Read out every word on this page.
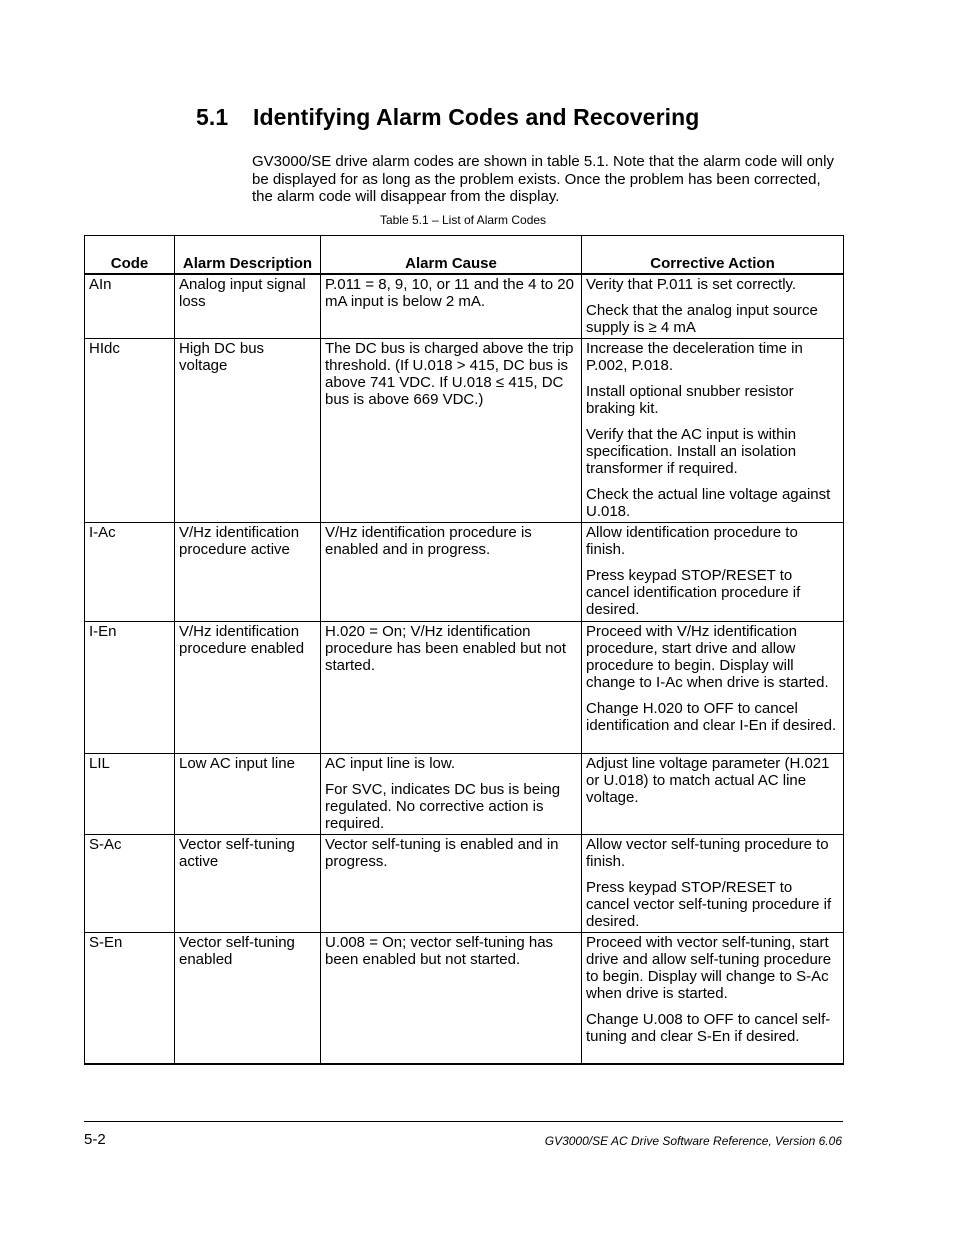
5.1 Identifying Alarm Codes and Recovering

GV3000/SE drive alarm codes are shown in table 5.1. Note that the alarm code will only be displayed for as long as the problem exists. Once the problem has been corrected, the alarm code will disappear from the display.

Table 5.1 – List of Alarm Codes
Code	Alarm Description	Alarm Cause	Corrective Action
AIn	Analog input signal loss	P.011 = 8, 9, 10, or 11 and the 4 to 20 mA input is below 2 mA.	Verity that P.011 is set correctly.
Check that the analog input source supply is ≥ 4 mA

HIdc	High DC bus voltage	The DC bus is charged above the trip threshold. (If U.018 > 415, DC bus is above 741 VDC. If U.018 ≤ 415, DC bus is above 669 VDC.)	Increase the deceleration time in P.002, P.018.
Install optional snubber resistor braking kit.
Verify that the AC input is within specification. Install an isolation transformer if required.
Check the actual line voltage against U.018.

I-Ac	V/Hz identification procedure active	V/Hz identification procedure is enabled and in progress.	Allow identification procedure to finish.
Press keypad STOP/RESET to cancel identification procedure if desired.

I-En	V/Hz identification procedure enabled	H.020 = On; V/Hz identification procedure has been enabled but not started.	Proceed with V/Hz identification procedure, start drive and allow procedure to begin. Display will change to I-Ac when drive is started.
Change H.020 to OFF to cancel identification and clear I-En if desired.

LIL	Low AC input line	AC input line is low.
For SVC, indicates DC bus is being regulated. No corrective action is required.	Adjust line voltage parameter (H.021 or U.018) to match actual AC line voltage.

S-Ac	Vector self-tuning active	Vector self-tuning is enabled and in progress.	Allow vector self-tuning procedure to finish.
Press keypad STOP/RESET to cancel vector self-tuning procedure if desired.

S-En	Vector self-tuning enabled	U.008 = On; vector self-tuning has been enabled but not started.	Proceed with vector self-tuning, start drive and allow self-tuning procedure to begin. Display will change to S-Ac when drive is started.
Change U.008 to OFF to cancel self-tuning and clear S-En if desired.
5-2	GV3000/SE AC Drive Software Reference, Version 6.06
